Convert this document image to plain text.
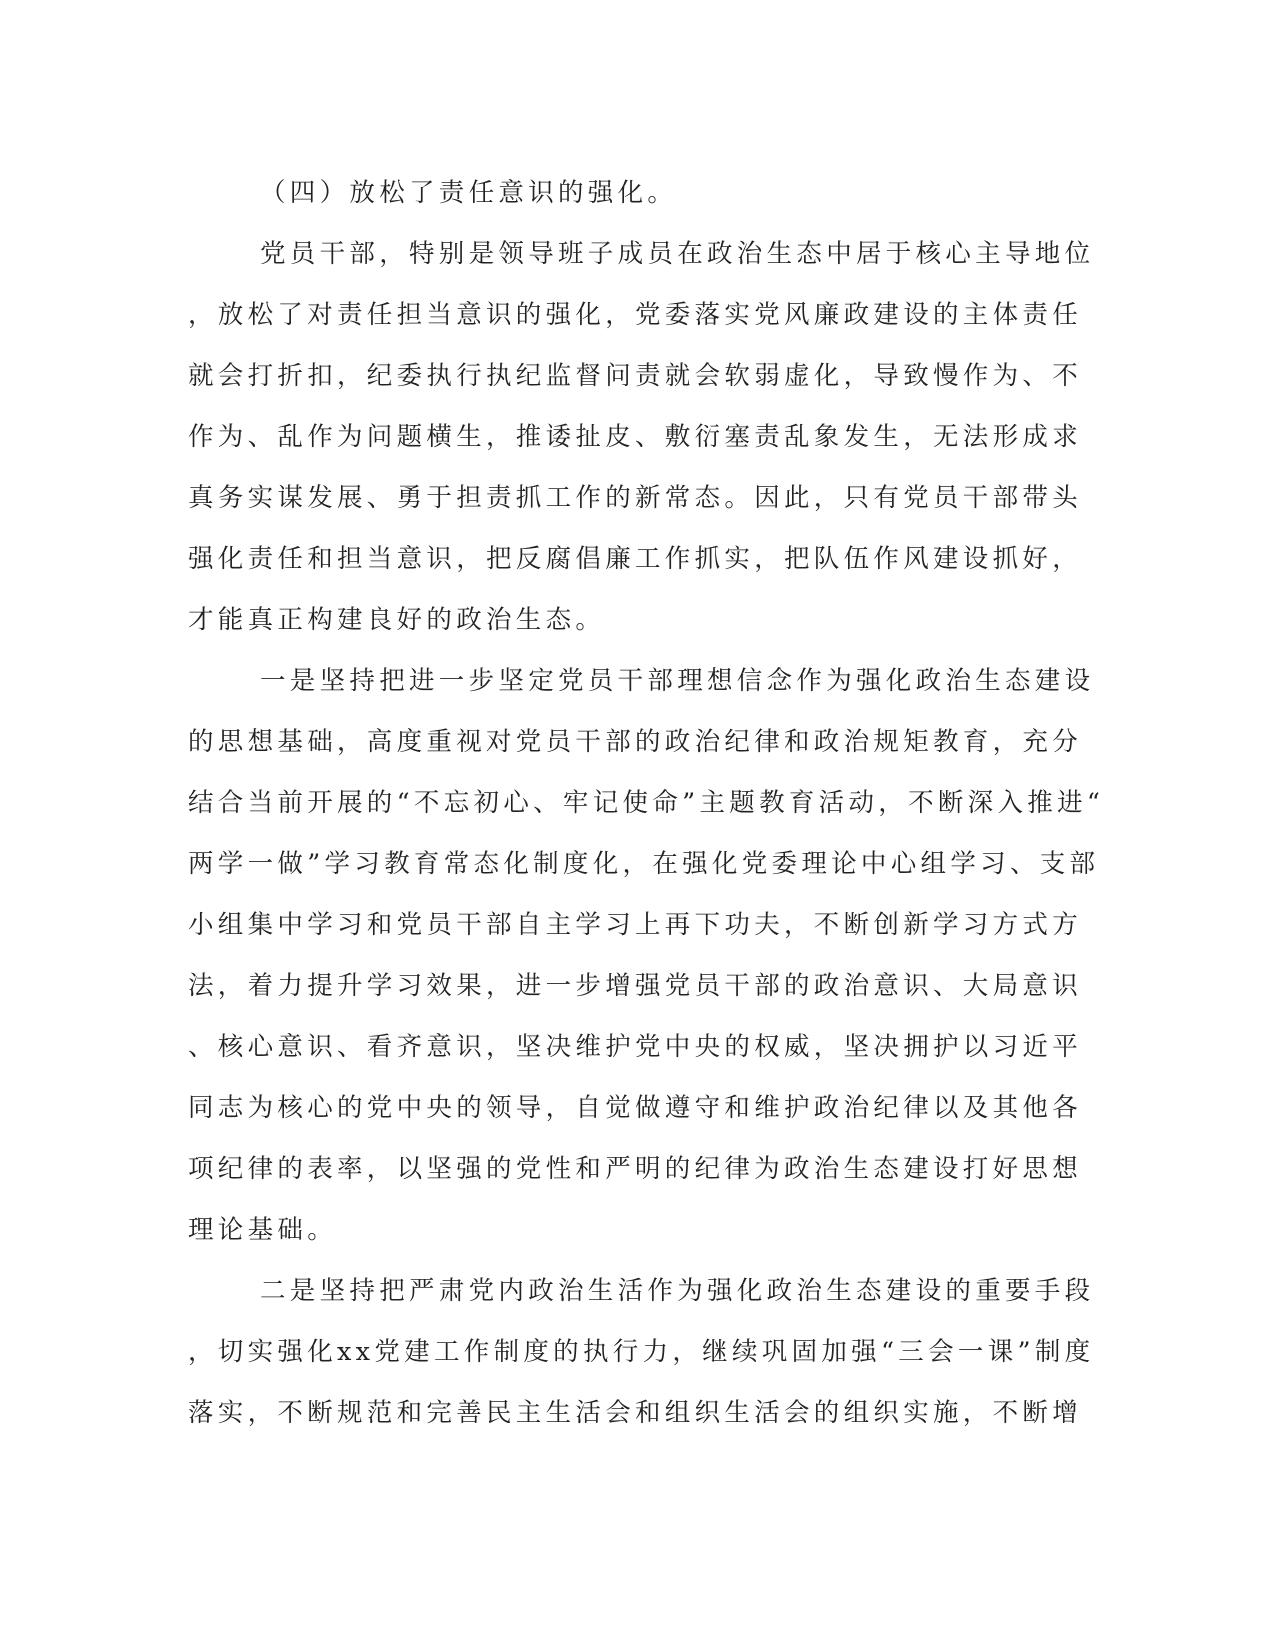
（四）放松了责任意识的强化。
党员干部，特别是领导班子成员在政治生态中居于核心主导地位
，放松了对责任担当意识的强化，党委落实党风廉政建设的主体责任
就会打折扣，纪委执行执纪监督问责就会软弱虚化，导致慢作为、不
作为、乱作为问题横生，推诿扯皮、敷衍塞责乱象发生，无法形成求
真务实谋发展、勇于担责抓工作的新常态。因此，只有党员干部带头
强化责任和担当意识，把反腐倡廉工作抓实，把队伍作风建设抓好，
才能真正构建良好的政治生态。
一是坚持把进一步坚定党员干部理想信念作为强化政治生态建设
的思想基础，高度重视对党员干部的政治纪律和政治规矩教育，充分
结合当前开展的“不忘初心、牢记使命”主题教育活动，不断深入推进“
两学一做”学习教育常态化制度化，在强化党委理论中心组学习、支部
小组集中学习和党员干部自主学习上再下功夫，不断创新学习方式方
法，着力提升学习效果，进一步增强党员干部的政治意识、大局意识
、核心意识、看齐意识，坚决维护党中央的权威，坚决拥护以习近平
同志为核心的党中央的领导，自觉做遵守和维护政治纪律以及其他各
项纪律的表率，以坚强的党性和严明的纪律为政治生态建设打好思想
理论基础。
二是坚持把严肃党内政治生活作为强化政治生态建设的重要手段
，切实强化xx党建工作制度的执行力，继续巩固加强“三会一课”制度
落实，不断规范和完善民主生活会和组织生活会的组织实施，不断增
